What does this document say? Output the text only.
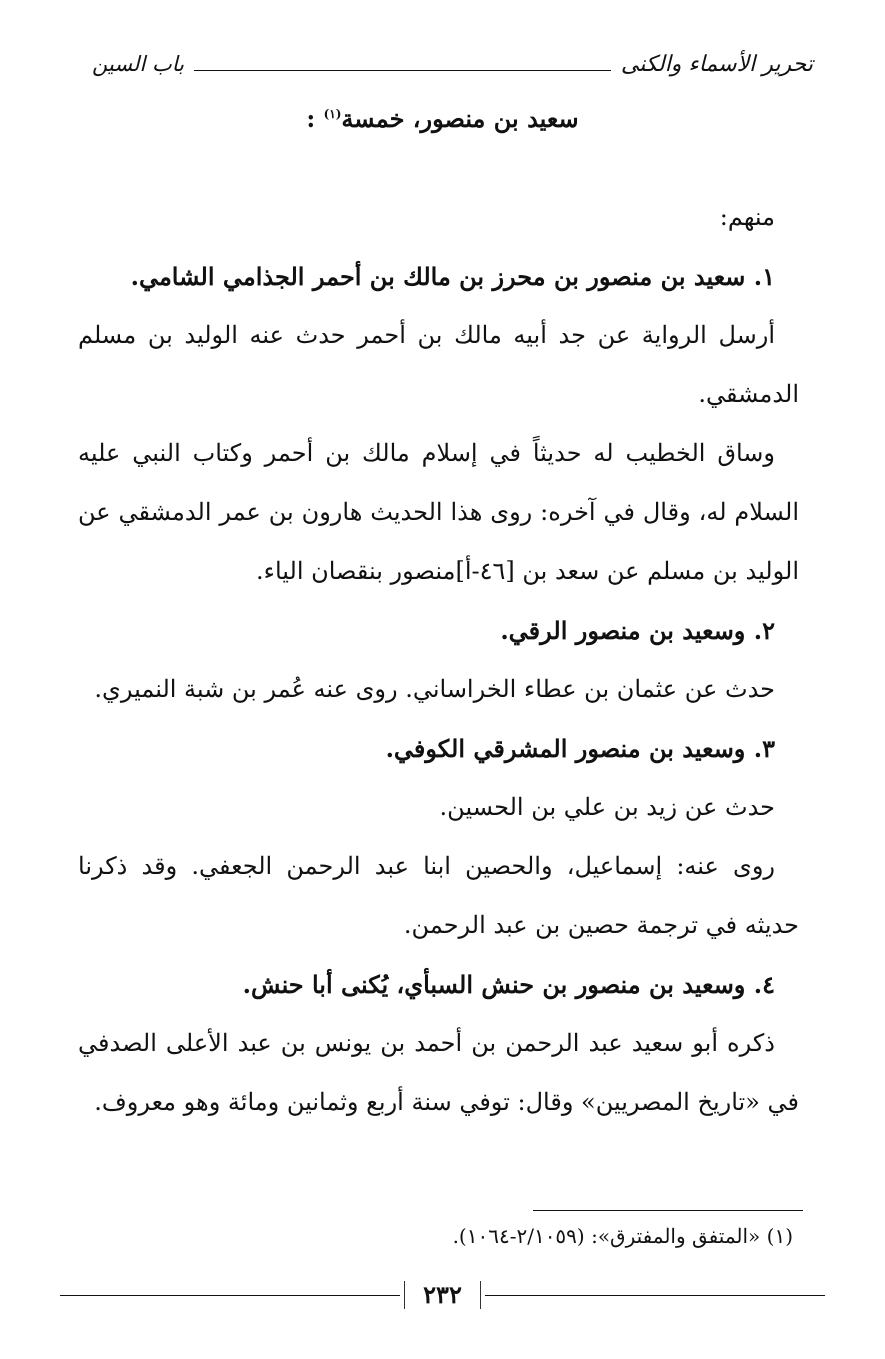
تحرير الأسماء والكنى
باب السين
سعيد بن منصور، خمسة$^{(١)}$ :

منهم:

١. سعيد بن منصور بن محرز بن مالك بن أحمر الجذامي الشامي.

أرسل الرواية عن جد أبيه مالك بن أحمر حدث عنه الوليد بن مسلم الدمشقي.

وساق الخطيب له حديثاً في إسلام مالك بن أحمر وكتاب النبي عليه السلام له، وقال في آخره: روى هذا الحديث هارون بن عمر الدمشقي عن الوليد بن مسلم عن سعد بن [٤٦-أ]منصور بنقصان الياء.

٢. وسعيد بن منصور الرقي.

حدث عن عثمان بن عطاء الخراساني. روى عنه عُمر بن شبة النميري.

٣. وسعيد بن منصور المشرقي الكوفي.

حدث عن زيد بن علي بن الحسين.

روى عنه: إسماعيل، والحصين ابنا عبد الرحمن الجعفي. وقد ذكرنا حديثه في ترجمة حصين بن عبد الرحمن.

٤. وسعيد بن منصور بن حنش السبأي، يُكنى أبا حنش.

ذكره أبو سعيد عبد الرحمن بن أحمد بن يونس بن عبد الأعلى الصدفي في «تاريخ المصريين» وقال: توفي سنة أربع وثمانين ومائة وهو معروف.

(١) «المتفق والمفترق»: (٢/١٠٥٩-١٠٦٤).
٢٣٢
